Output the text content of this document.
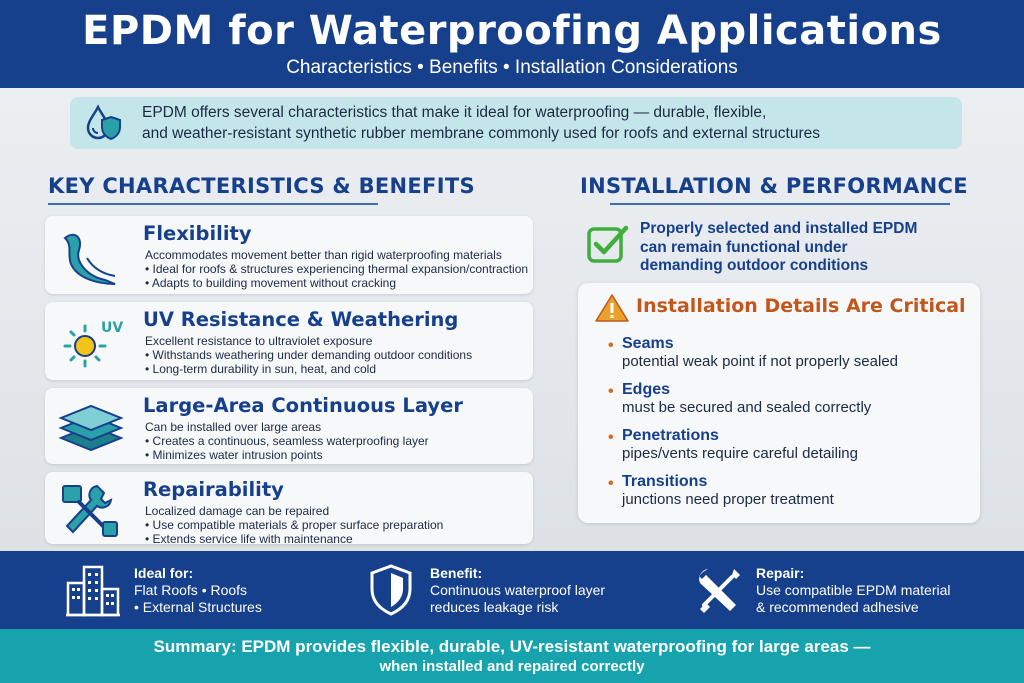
EPDM for Waterproofing Applications
Characteristics • Benefits • Installation Considerations
EPDM offers several characteristics that make it ideal for waterproofing — durable, flexible,
and weather-resistant synthetic rubber membrane commonly used for roofs and external structures
KEY CHARACTERISTICS & BENEFITS	INSTALLATION & PERFORMANCE
Flexibility
Accommodates movement better than rigid waterproofing materials
• Ideal for roofs & structures experiencing thermal expansion/contraction
• Adapts to building movement without cracking
UV UV Resistance & Weathering
Excellent resistance to ultraviolet exposure
• Withstands weathering under demanding outdoor conditions
• Long-term durability in sun, heat, and cold
Large-Area Continuous Layer
Can be installed over large areas
• Creates a continuous, seamless waterproofing layer
• Minimizes water intrusion points
Repairability
Localized damage can be repaired
• Use compatible materials & proper surface preparation
• Extends service life with maintenance
Properly selected and installed EPDM
can remain functional under
demanding outdoor conditions
Installation Details Are Critical
• Seams
potential weak point if not properly sealed
• Edges
must be secured and sealed correctly
• Penetrations
pipes/vents require careful detailing
• Transitions
junctions need proper treatment
Ideal for:
Flat Roofs • Roofs
• External Structures
Benefit:
Continuous waterproof layer
reduces leakage risk
Repair:
Use compatible EPDM material
& recommended adhesive
Summary: EPDM provides flexible, durable, UV-resistant waterproofing for large areas —
when installed and repaired correctly
